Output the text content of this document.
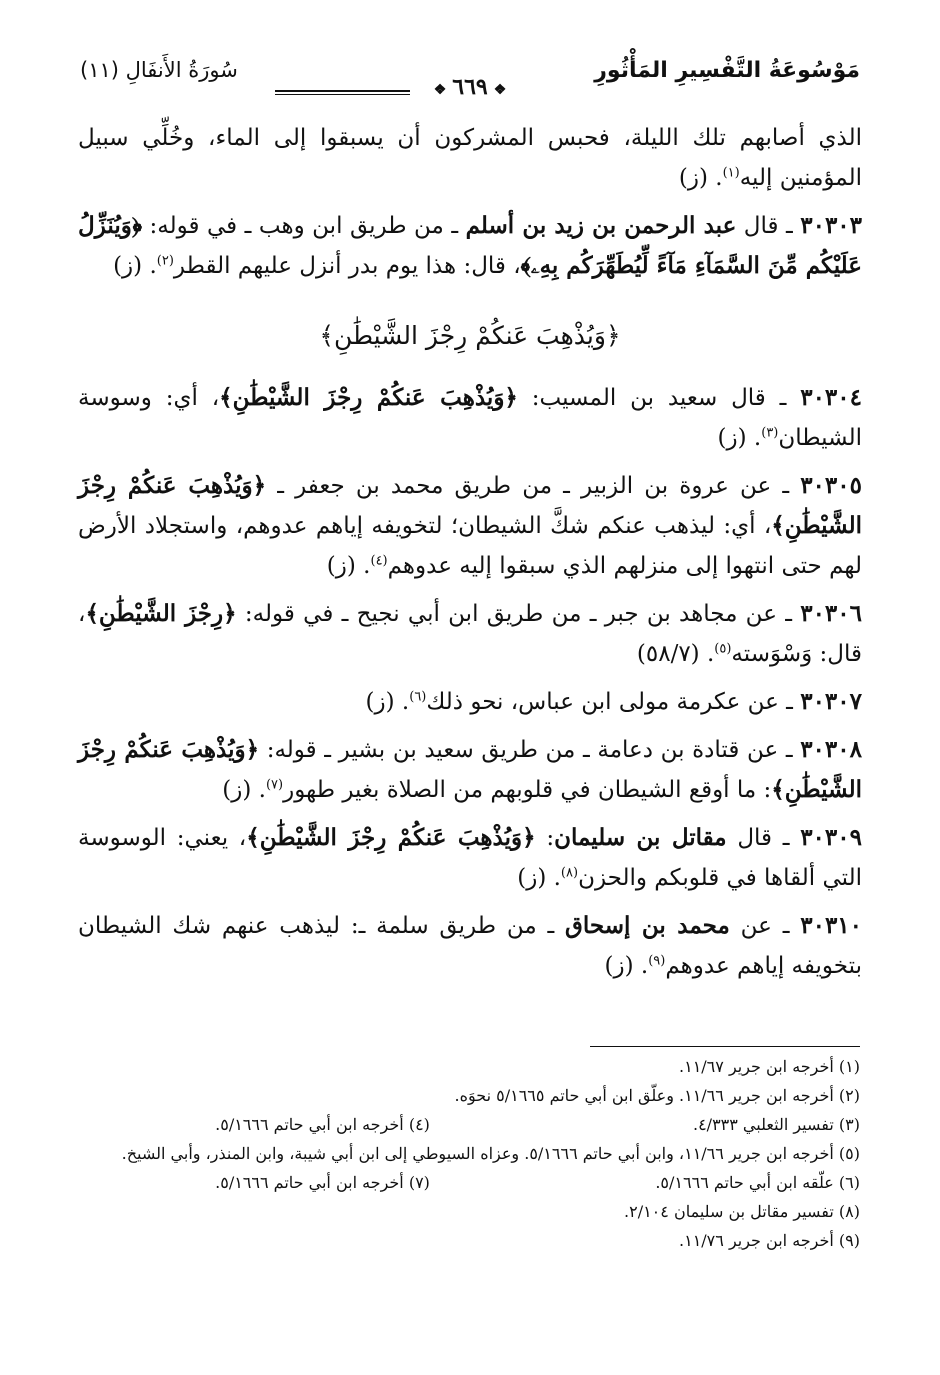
مَوْسُوعَةُ التَّفْسِيرِ المَأْثُورِ
❖٦٦٩❖
سُورَةُ الأَنفَالِ (١١)

الذي أصابهم تلك الليلة، فحبس المشركون أن يسبقوا إلى الماء، وخُلِّي سبيل المؤمنين إليه$^{(١)}$. (ز)

٣٠٣٠٣ ـ قال عبد الرحمن بن زيد بن أسلم ـ من طريق ابن وهب ـ في قوله: ﴿وَيُنَزِّلُ عَلَيْكُم مِّنَ السَّمَآءِ مَآءً لِّيُطَهِّرَكُم بِهِۦ﴾، قال: هذا يوم بدر أنزل عليهم القطر$^{(٢)}$. (ز)

﴿وَيُذْهِبَ عَنكُمْ رِجْزَ الشَّيْطَٰنِ﴾

٣٠٣٠٤ ـ قال سعيد بن المسيب: ﴿وَيُذْهِبَ عَنكُمْ رِجْزَ الشَّيْطَٰنِ﴾، أي: وسوسة الشيطان$^{(٣)}$. (ز)

٣٠٣٠٥ ـ عن عروة بن الزبير ـ من طريق محمد بن جعفر ـ ﴿وَيُذْهِبَ عَنكُمْ رِجْزَ الشَّيْطَٰنِ﴾، أي: ليذهب عنكم شكَّ الشيطان؛ لتخويفه إياهم عدوهم، واستجلاد الأرض لهم حتى انتهوا إلى منزلهم الذي سبقوا إليه عدوهم$^{(٤)}$. (ز)

٣٠٣٠٦ ـ عن مجاهد بن جبر ـ من طريق ابن أبي نجيح ـ في قوله: ﴿رِجْزَ الشَّيْطَٰنِ﴾، قال: وَسْوَسته$^{(٥)}$. (٥٨/٧)

٣٠٣٠٧ ـ عن عكرمة مولى ابن عباس، نحو ذلك$^{(٦)}$. (ز)

٣٠٣٠٨ ـ عن قتادة بن دعامة ـ من طريق سعيد بن بشير ـ قوله: ﴿وَيُذْهِبَ عَنكُمْ رِجْزَ الشَّيْطَٰنِ﴾: ما أوقع الشيطان في قلوبهم من الصلاة بغير طهور$^{(٧)}$. (ز)

٣٠٣٠٩ ـ قال مقاتل بن سليمان: ﴿وَيُذْهِبَ عَنكُمْ رِجْزَ الشَّيْطَٰنِ﴾، يعني: الوسوسة التي ألقاها في قلوبكم والحزن$^{(٨)}$. (ز)

٣٠٣١٠ ـ عن محمد بن إسحاق ـ من طريق سلمة ـ: ليذهب عنهم شك الشيطان بتخويفه إياهم عدوهم$^{(٩)}$. (ز)

(١) أخرجه ابن جرير ١١/٦٧.

(٢) أخرجه ابن جرير ١١/٦٦. وعلّق ابن أبي حاتم ٥/١٦٦٥ نحوَه.

(٣) تفسير الثعلبي ٤/٣٣٣.

(٤) أخرجه ابن أبي حاتم ٥/١٦٦٦.

(٥) أخرجه ابن جرير ١١/٦٦، وابن أبي حاتم ٥/١٦٦٦. وعزاه السيوطي إلى ابن أبي شيبة، وابن المنذر، وأبي الشيخ.

(٦) علّقه ابن أبي حاتم ٥/١٦٦٦.

(٧) أخرجه ابن أبي حاتم ٥/١٦٦٦.

(٨) تفسير مقاتل بن سليمان ٢/١٠٤.

(٩) أخرجه ابن جرير ١١/٧٦.
